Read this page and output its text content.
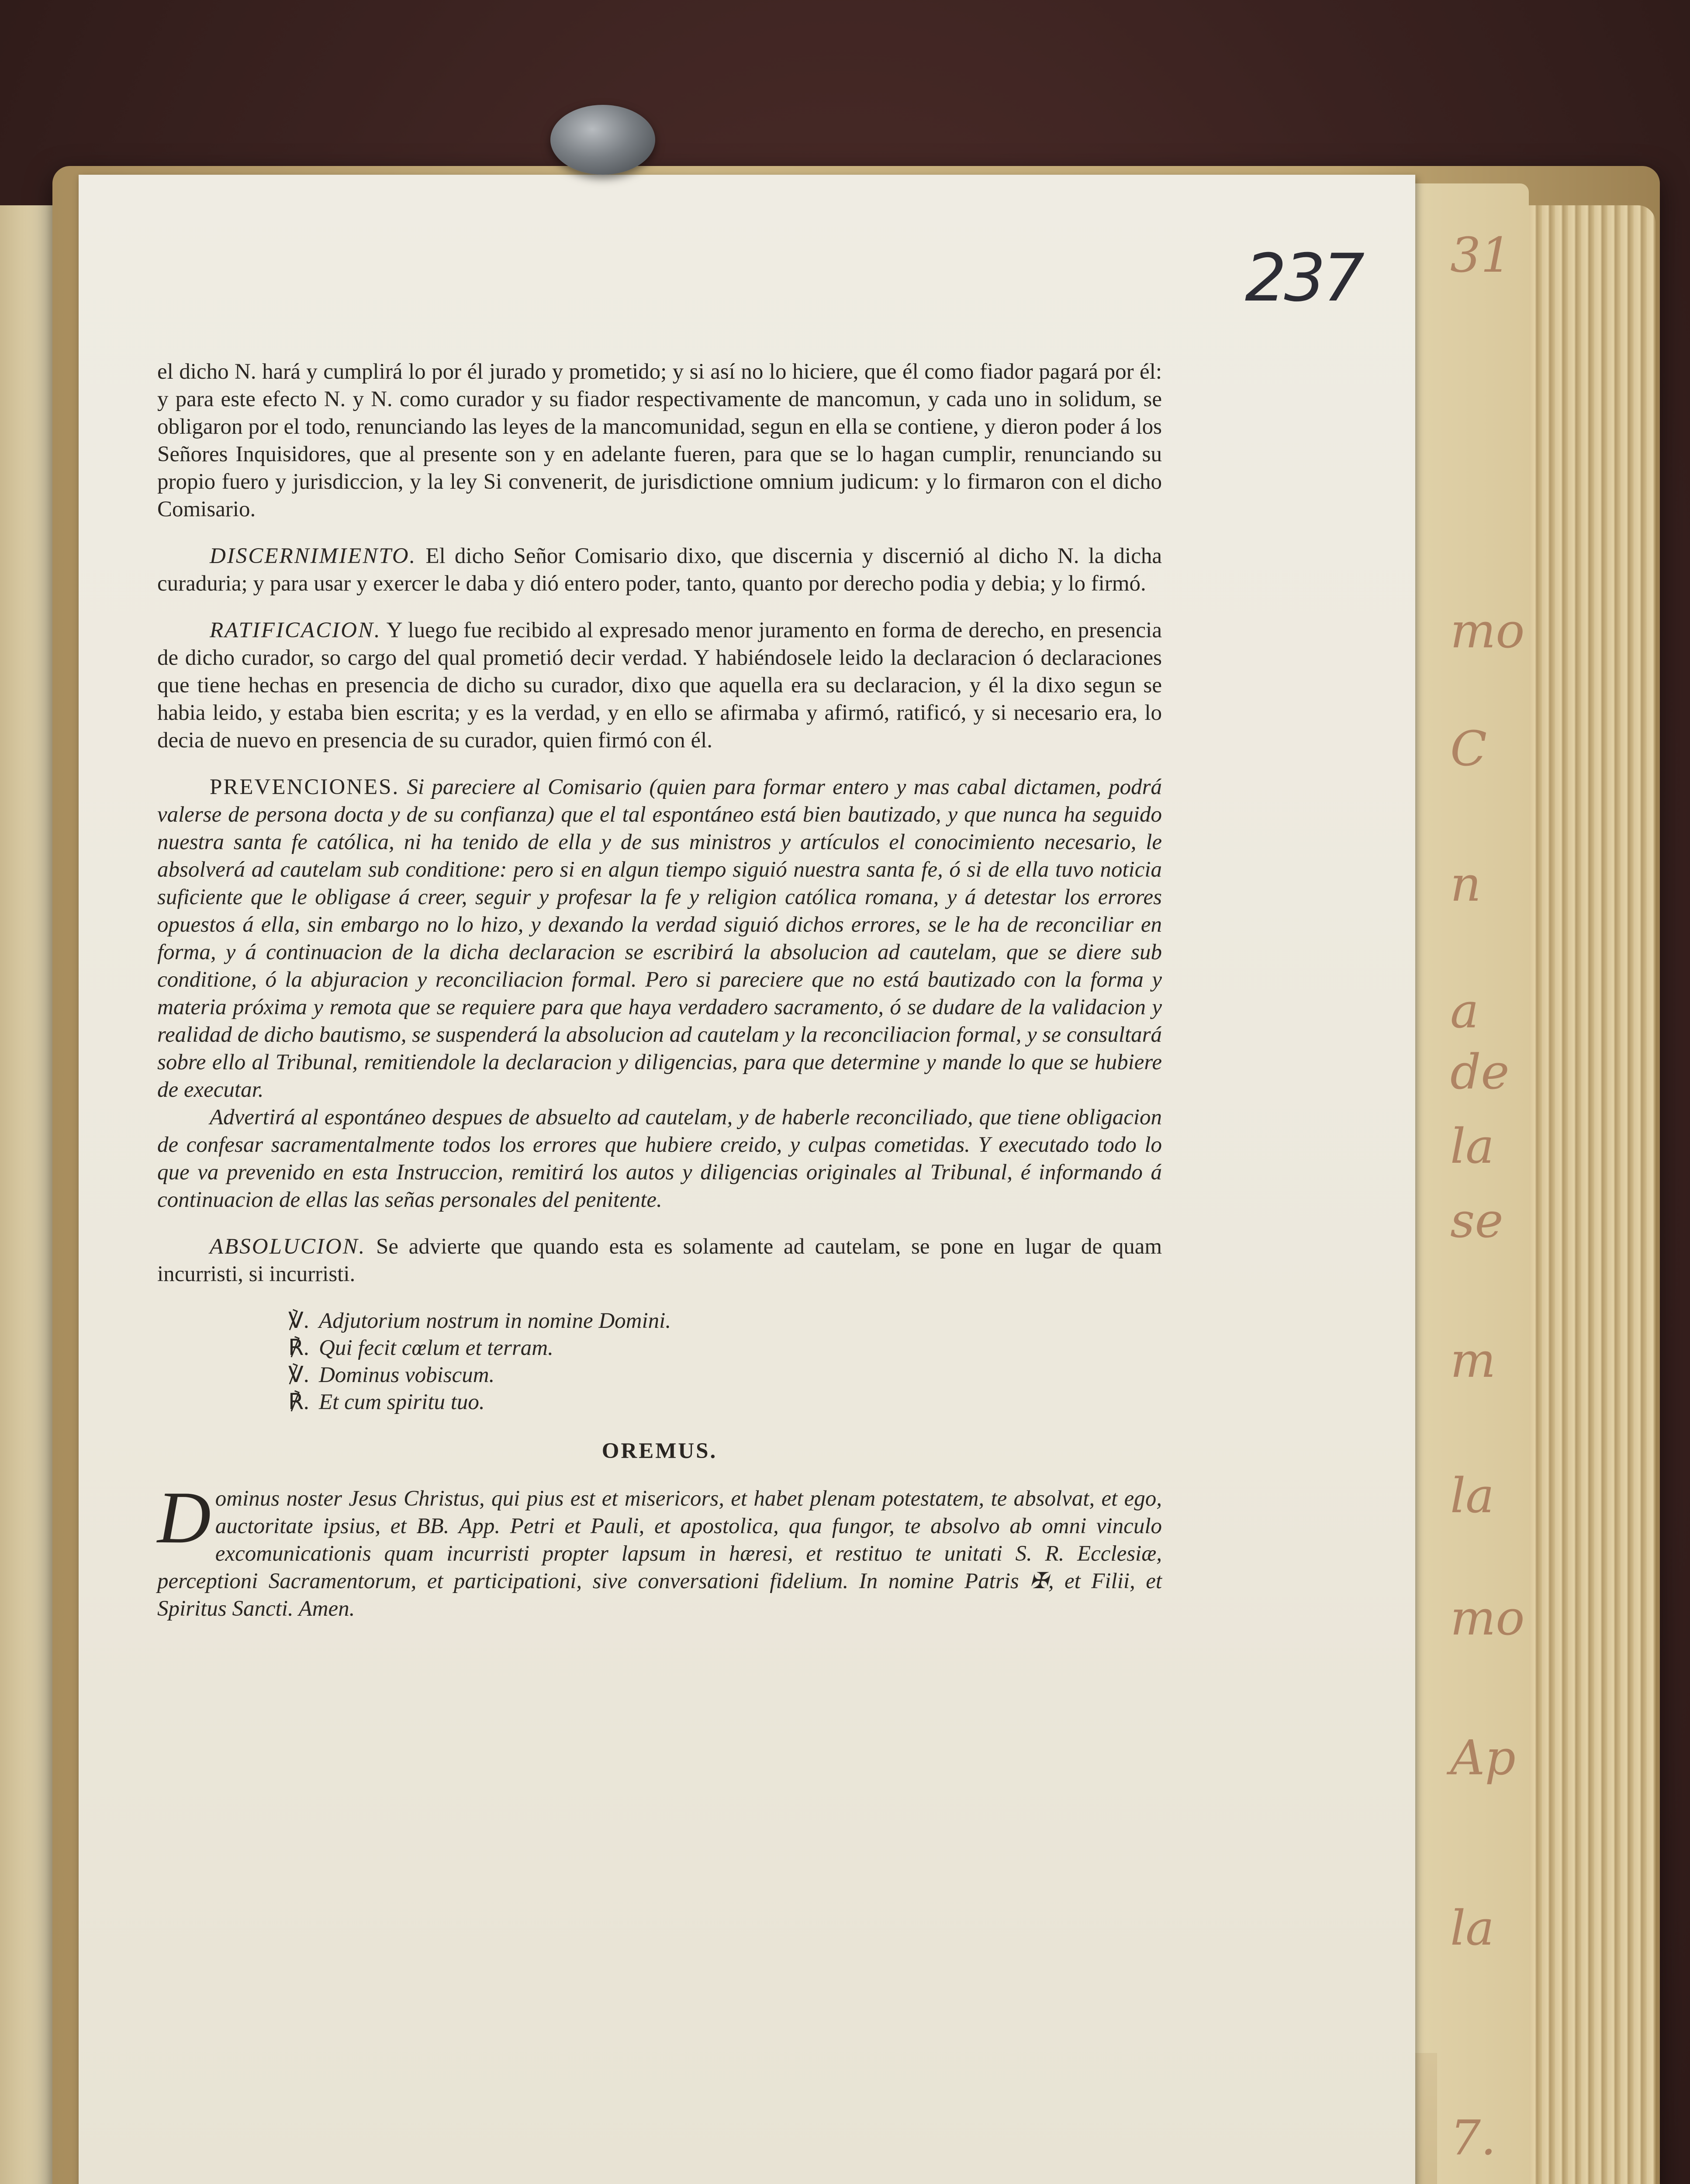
31
mo
C
n
a
de
la
se
m
la
mo
Ap
la
7.
237

el dicho N. hará y cumplirá lo por él jurado y prometido; y si así no lo hiciere, que él como fiador pagará por él: y para este efecto N. y N. como curador y su fiador respectivamente de mancomun, y cada uno in solidum, se obligaron por el todo, renunciando las leyes de la mancomunidad, segun en ella se contiene, y dieron poder á los Señores Inquisidores, que al presente son y en adelante fueren, para que se lo hagan cumplir, renunciando su propio fuero y jurisdiccion, y la ley Si convenerit, de jurisdictione omnium judicum: y lo firmaron con el dicho Comisario.

DISCERNIMIENTO. El dicho Señor Comisario dixo, que discernia y discernió al dicho N. la dicha curaduria; y para usar y exercer le daba y dió entero poder, tanto, quanto por derecho podia y debia; y lo firmó.

RATIFICACION. Y luego fue recibido al expresado menor juramento en forma de derecho, en presencia de dicho curador, so cargo del qual prometió decir verdad. Y habiéndosele leido la declaracion ó declaraciones que tiene hechas en presencia de dicho su curador, dixo que aquella era su declaracion, y él la dixo segun se habia leido, y estaba bien escrita; y es la verdad, y en ello se afirmaba y afirmó, ratificó, y si necesario era, lo decia de nuevo en presencia de su curador, quien firmó con él.

PREVENCIONES. Si pareciere al Comisario (quien para formar entero y mas cabal dictamen, podrá valerse de persona docta y de su confianza) que el tal espontáneo está bien bautizado, y que nunca ha seguido nuestra santa fe católica, ni ha tenido de ella y de sus ministros y artículos el conocimiento necesario, le absolverá ad cautelam sub conditione: pero si en algun tiempo siguió nuestra santa fe, ó si de ella tuvo noticia suficiente que le obligase á creer, seguir y profesar la fe y religion católica romana, y á detestar los errores opuestos á ella, sin embargo no lo hizo, y dexando la verdad siguió dichos errores, se le ha de reconciliar en forma, y á continuacion de la dicha declaracion se escribirá la absolucion ad cautelam, que se diere sub conditione, ó la abjuracion y reconciliacion formal. Pero si pareciere que no está bautizado con la forma y materia próxima y remota que se requiere para que haya verdadero sacramento, ó se dudare de la validacion y realidad de dicho bautismo, se suspenderá la absolucion ad cautelam y la reconciliacion formal, y se consultará sobre ello al Tribunal, remitiendole la declaracion y diligencias, para que determine y mande lo que se hubiere de executar.

Advertirá al espontáneo despues de absuelto ad cautelam, y de haberle reconciliado, que tiene obligacion de confesar sacramentalmente todos los errores que hubiere creido, y culpas cometidas. Y executado todo lo que va prevenido en esta Instruccion, remitirá los autos y diligencias originales al Tribunal, é informando á continuacion de ellas las señas personales del penitente.

ABSOLUCION. Se advierte que quando esta es solamente ad cautelam, se pone en lugar de quam incurristi, si incurristi.

℣. Adjutorium nostrum in nomine Domini.
℟. Qui fecit cœlum et terram.
℣. Dominus vobiscum.
℟. Et cum spiritu tuo.
OREMUS.

D ominus noster Jesus Christus, qui pius est et misericors, et habet plenam potestatem, te absolvat, et ego, auctoritate ipsius, et BB. App. Petri et Pauli, et apostolica, qua fungor, te absolvo ab omni vinculo excomunicationis quam incurristi propter lapsum in hæresi, et restituo te unitati S. R. Ecclesiæ, perceptioni Sacramentorum, et participationi, sive conversationi fidelium. In nomine Patris ✠, et Filii, et Spiritus Sancti. Amen.
